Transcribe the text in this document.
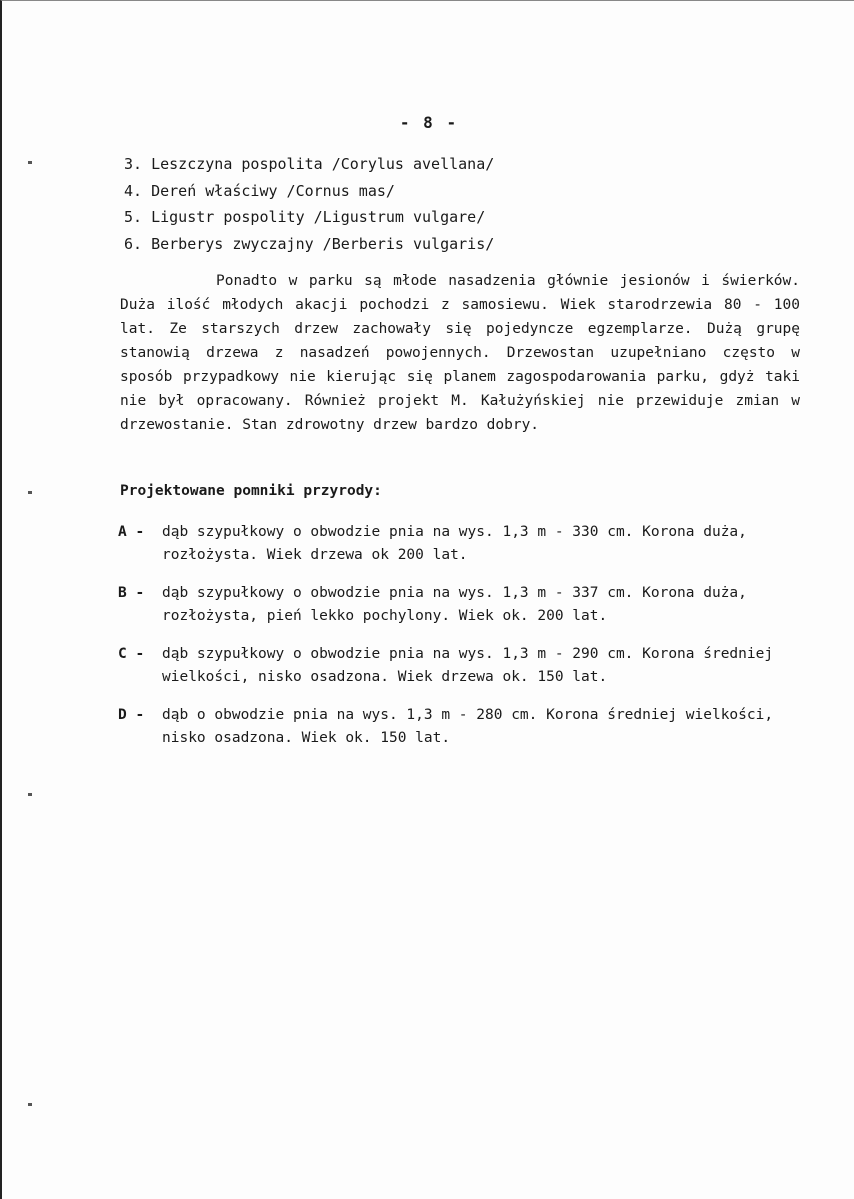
- 8 -
3. Leszczyna pospolita /Corylus avellana/
4. Dereń właściwy /Cornus mas/
5. Ligustr pospolity /Ligustrum vulgare/
6. Berberys zwyczajny /Berberis vulgaris/

Ponadto w parku są młode nasadzenia głównie jesionów i świerków. Duża ilość młodych akacji pochodzi z samosiewu. Wiek starodrzewia 80 - 100 lat. Ze starszych drzew zachowały się pojedyncze egzemplarze. Dużą grupę stanowią drzewa z nasadzeń powojennych. Drzewostan uzupełniano często w sposób przypadkowy nie kierując się planem zagospodarowania parku, gdyż taki nie był opracowany. Również projekt M. Kałużyńskiej nie przewiduje zmian w drzewostanie. Stan zdrowotny drzew bardzo dobry.

Projektowane pomniki przyrody:

A -	dąb szypułkowy o obwodzie pnia na wys. 1,3 m - 330 cm. Korona duża, rozłożysta. Wiek drzewa ok 200 lat.
B -	dąb szypułkowy o obwodzie pnia na wys. 1,3 m - 337 cm. Korona duża, rozłożysta, pień lekko pochylony. Wiek ok. 200 lat.
C -	dąb szypułkowy o obwodzie pnia na wys. 1,3 m - 290 cm. Korona średniej wielkości, nisko osadzona. Wiek drzewa ok. 150 lat.
D -	dąb o obwodzie pnia na wys. 1,3 m - 280 cm. Korona średniej wielkości, nisko osadzona. Wiek ok. 150 lat.
